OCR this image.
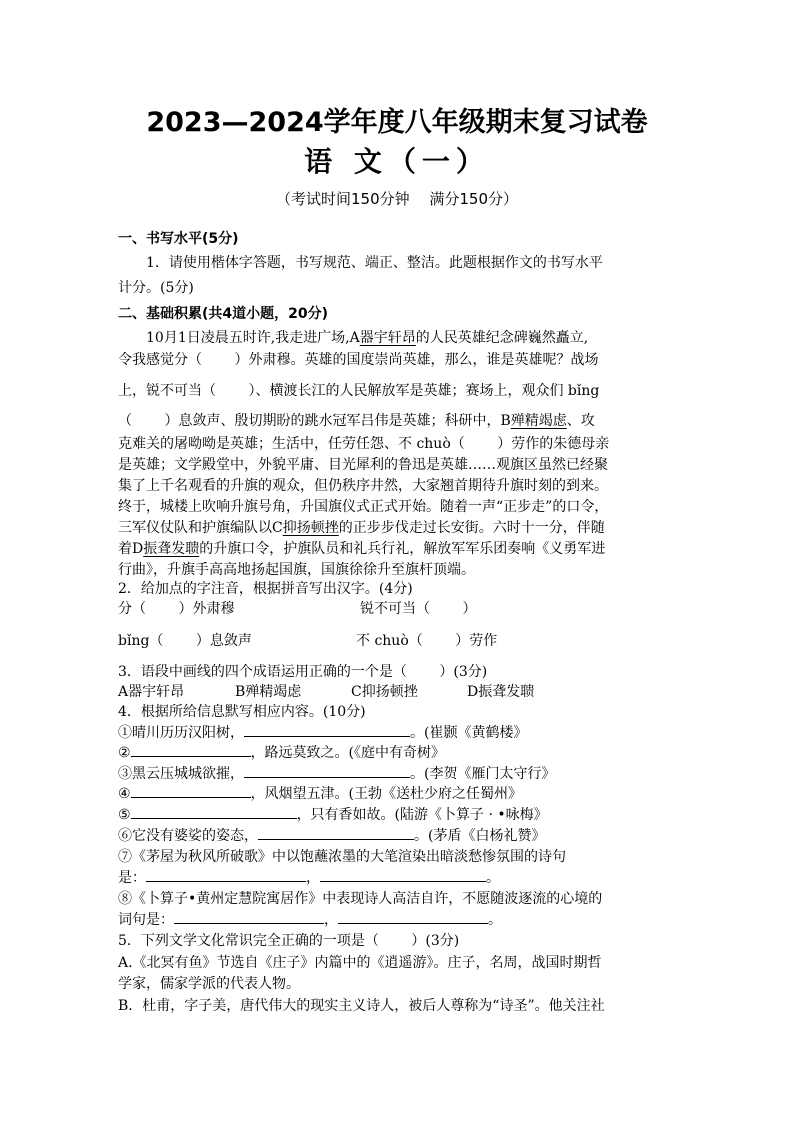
2023—2024学年度八年级期末复习试卷
语 文（一）
（考试时间150分钟　 满分150分）
一、书写水平(5分)
1．请使用楷体字答题，书写规范、端正、整洁。此题根据作文的书写水平
计分。(5分)
二、基础积累(共4道小题，20分)
10月1日凌晨五时许,我走进广场,A器宇轩昂的人民英雄纪念碑巍然矗立,
令我感觉分（　　 ）外肃穆。英雄的国度崇尚英雄，那么，谁是英雄呢？战场
上，锐不可当（　　 ）、横渡长江的人民解放军是英雄；赛场上，观众们 bǐng
（　　 ）息敛声、殷切期盼的跳水冠军吕伟是英雄；科研中，B殚精竭虑、攻
克难关的屠呦呦是英雄；生活中，任劳任怨、不 chuò（　　 ）劳作的朱德母亲
是英雄；文学殿堂中，外貌平庸、目光犀利的鲁迅是英雄……观旗区虽然已经聚
集了上千名观看的升旗的观众，但仍秩序井然，大家翘首期待升旗时刻的到来。
终于，城楼上吹响升旗号角，升国旗仪式正式开始。随着一声“正步走”的口令，
三军仪仗队和护旗编队以C抑扬顿挫的正步步伐走过长安街。六时十一分，伴随
着D振聋发聩的升旗口令，护旗队员和礼兵行礼，解放军军乐团奏响《义勇军进
行曲》，升旗手高高地扬起国旗，国旗徐徐升至旗杆顶端。
2．给加点的字注音，根据拼音写出汉字。(4分)
分（　　 ）外肃穆	锐不可当（　　 ）
bǐng（　　 ）息敛声	不 chuò（　　 ）劳作
3．语段中画线的四个成语运用正确的一个是（　　 ）(3分)
A器宇轩昂	B殚精竭虑	C抑扬顿挫	D振聋发聩
4．根据所给信息默写相应内容。(10分)
①晴川历历汉阳树，	。(崔颢《黄鹤楼》
②	，路远莫致之。(《庭中有奇树》
③黑云压城城欲摧，	。(李贺《雁门太守行》
④	，风烟望五津。(王勃《送杜少府之任蜀州》
⑤	，只有香如故。(陆游《卜算子 · •咏梅》
⑥它没有婆娑的姿态，	。(茅盾《白杨礼赞》
⑦《茅屋为秋风所破歌》中以饱蘸浓墨的大笔渲染出暗淡愁惨氛围的诗句
是：	，	。
⑧《卜算子•黄州定慧院寓居作》中表现诗人高洁自许，不愿随波逐流的心境的
词句是：	，	。
5．下列文学文化常识完全正确的一项是（　　 ）(3分)
A.《北冥有鱼》节选自《庄子》内篇中的《逍遥游》。庄子，名周，战国时期哲
学家，儒家学派的代表人物。
B．杜甫，字子美，唐代伟大的现实主义诗人，被后人尊称为“诗圣”。他关注社
